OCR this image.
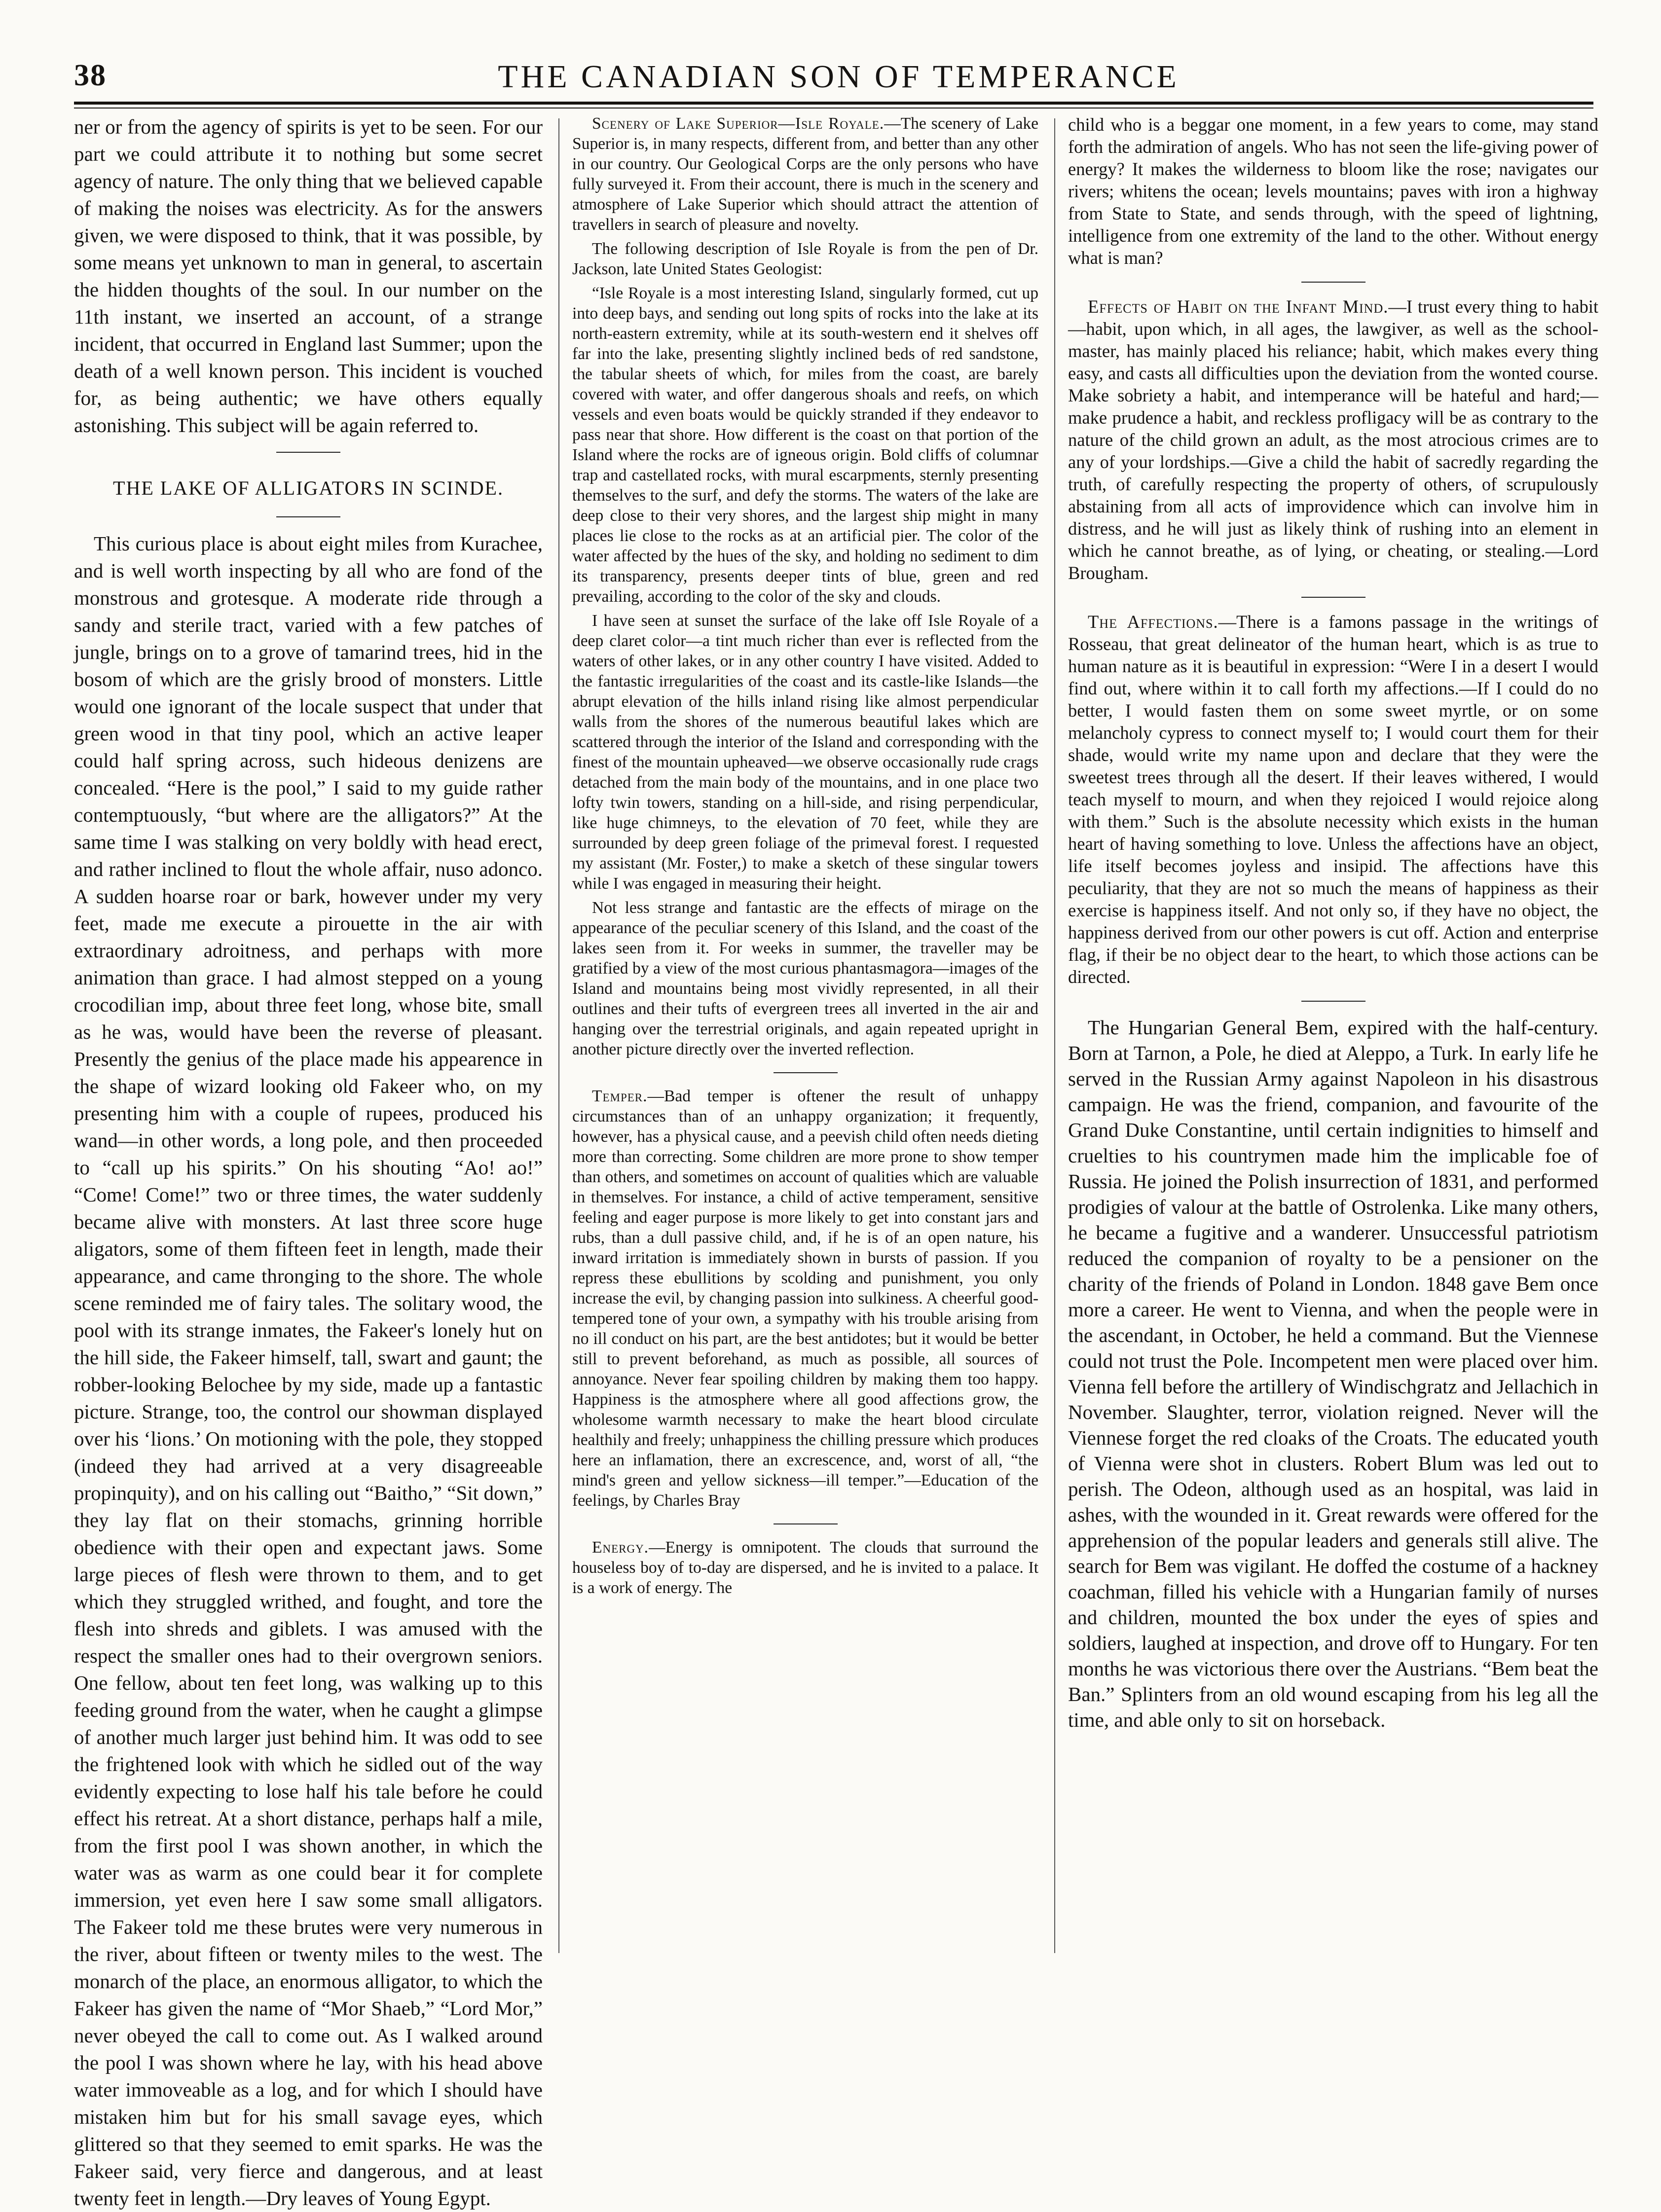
38	THE CANADIAN SON OF TEMPERANCE

ner or from the agency of spirits is yet to be seen. For our part we could attribute it to nothing but some secret agency of nature. The only thing that we believed capable of making the noises was electricity. As for the answers given, we were disposed to think, that it was possible, by some means yet unknown to man in general, to ascertain the hidden thoughts of the soul. In our number on the 11th instant, we inserted an account, of a strange incident, that occurred in England last Summer; upon the death of a well known person. This incident is vouched for, as being authentic; we have others equally astonishing. This subject will be again referred to.

THE LAKE OF ALLIGATORS IN SCINDE.

This curious place is about eight miles from Kurachee, and is well worth inspecting by all who are fond of the monstrous and grotesque. A moderate ride through a sandy and sterile tract, varied with a few patches of jungle, brings on to a grove of tamarind trees, hid in the bosom of which are the grisly brood of monsters. Little would one ignorant of the locale suspect that under that green wood in that tiny pool, which an active leaper could half spring across, such hideous denizens are concealed. “Here is the pool,” I said to my guide rather contemptuously, “but where are the alligators?” At the same time I was stalking on very boldly with head erect, and rather inclined to flout the whole affair, nuso adonco. A sudden hoarse roar or bark, however under my very feet, made me execute a pirouette in the air with extraordinary adroitness, and perhaps with more animation than grace. I had almost stepped on a young crocodilian imp, about three feet long, whose bite, small as he was, would have been the reverse of pleasant. Presently the genius of the place made his appearence in the shape of wizard looking old Fakeer who, on my presenting him with a couple of rupees, produced his wand—in other words, a long pole, and then proceeded to “call up his spirits.” On his shouting “Ao! ao!” “Come! Come!” two or three times, the water suddenly became alive with monsters. At last three score huge aligators, some of them fifteen feet in length, made their appearance, and came thronging to the shore. The whole scene reminded me of fairy tales. The solitary wood, the pool with its strange inmates, the Fakeer's lonely hut on the hill side, the Fakeer himself, tall, swart and gaunt; the robber-looking Belochee by my side, made up a fantastic picture. Strange, too, the control our showman displayed over his ‘lions.’ On motioning with the pole, they stopped (indeed they had arrived at a very disagreeable propinquity), and on his calling out “Baitho,” “Sit down,” they lay flat on their stomachs, grinning horrible obedience with their open and expectant jaws. Some large pieces of flesh were thrown to them, and to get which they struggled writhed, and fought, and tore the flesh into shreds and giblets. I was amused with the respect the smaller ones had to their overgrown seniors. One fellow, about ten feet long, was walking up to this feeding ground from the water, when he caught a glimpse of another much larger just behind him. It was odd to see the frightened look with which he sidled out of the way evidently expecting to lose half his tale before he could effect his retreat. At a short distance, perhaps half a mile, from the first pool I was shown another, in which the water was as warm as one could bear it for complete immersion, yet even here I saw some small alligators. The Fakeer told me these brutes were very numerous in the river, about fifteen or twenty miles to the west. The monarch of the place, an enormous alligator, to which the Fakeer has given the name of “Mor Shaeb,” “Lord Mor,” never obeyed the call to come out. As I walked around the pool I was shown where he lay, with his head above water immoveable as a log, and for which I should have mistaken him but for his small savage eyes, which glittered so that they seemed to emit sparks. He was the Fakeer said, very fierce and dangerous, and at least twenty feet in length.—Dry leaves of Young Egypt.

Scenery of Lake Superior—Isle Royale.—The scenery of Lake Superior is, in many respects, different from, and better than any other in our country. Our Geological Corps are the only persons who have fully surveyed it. From their account, there is much in the scenery and atmosphere of Lake Superior which should attract the attention of travellers in search of pleasure and novelty.

The following description of Isle Royale is from the pen of Dr. Jackson, late United States Geologist:

“Isle Royale is a most interesting Island, singularly formed, cut up into deep bays, and sending out long spits of rocks into the lake at its north-eastern extremity, while at its south-western end it shelves off far into the lake, presenting slightly inclined beds of red sandstone, the tabular sheets of which, for miles from the coast, are barely covered with water, and offer dangerous shoals and reefs, on which vessels and even boats would be quickly stranded if they endeavor to pass near that shore. How different is the coast on that portion of the Island where the rocks are of igneous origin. Bold cliffs of columnar trap and castellated rocks, with mural escarpments, sternly presenting themselves to the surf, and defy the storms. The waters of the lake are deep close to their very shores, and the largest ship might in many places lie close to the rocks as at an artificial pier. The color of the water affected by the hues of the sky, and holding no sediment to dim its transparency, presents deeper tints of blue, green and red prevailing, according to the color of the sky and clouds.

I have seen at sunset the surface of the lake off Isle Royale of a deep claret color—a tint much richer than ever is reflected from the waters of other lakes, or in any other country I have visited. Added to the fantastic irregularities of the coast and its castle-like Islands—the abrupt elevation of the hills inland rising like almost perpendicular walls from the shores of the numerous beautiful lakes which are scattered through the interior of the Island and corresponding with the finest of the mountain upheaved—we observe occasionally rude crags detached from the main body of the mountains, and in one place two lofty twin towers, standing on a hill-side, and rising perpendicular, like huge chimneys, to the elevation of 70 feet, while they are surrounded by deep green foliage of the primeval forest. I requested my assistant (Mr. Foster,) to make a sketch of these singular towers while I was engaged in measuring their height.

Not less strange and fantastic are the effects of mirage on the appearance of the peculiar scenery of this Island, and the coast of the lakes seen from it. For weeks in summer, the traveller may be gratified by a view of the most curious phantasmagora—images of the Island and mountains being most vividly represented, in all their outlines and their tufts of evergreen trees all inverted in the air and hanging over the terrestrial originals, and again repeated upright in another picture directly over the inverted reflection.

Temper.—Bad temper is oftener the result of unhappy circumstances than of an unhappy organization; it frequently, however, has a physical cause, and a peevish child often needs dieting more than correcting. Some children are more prone to show temper than others, and sometimes on account of qualities which are valuable in themselves. For instance, a child of active temperament, sensitive feeling and eager purpose is more likely to get into constant jars and rubs, than a dull passive child, and, if he is of an open nature, his inward irritation is immediately shown in bursts of passion. If you repress these ebullitions by scolding and punishment, you only increase the evil, by changing passion into sulkiness. A cheerful good-tempered tone of your own, a sympathy with his trouble arising from no ill conduct on his part, are the best antidotes; but it would be better still to prevent beforehand, as much as possible, all sources of annoyance. Never fear spoiling children by making them too happy. Happiness is the atmosphere where all good affections grow, the wholesome warmth necessary to make the heart blood circulate healthily and freely; unhappiness the chilling pressure which produces here an inflamation, there an excrescence, and, worst of all, “the mind's green and yellow sickness—ill temper.”—Education of the feelings, by Charles Bray

Energy.—Energy is omnipotent. The clouds that surround the houseless boy of to-day are dispersed, and he is invited to a palace. It is a work of energy. The

child who is a beggar one moment, in a few years to come, may stand forth the admiration of angels. Who has not seen the life-giving power of energy? It makes the wilderness to bloom like the rose; navigates our rivers; whitens the ocean; levels mountains; paves with iron a highway from State to State, and sends through, with the speed of lightning, intelligence from one extremity of the land to the other. Without energy what is man?

Effects of Habit on the Infant Mind.—I trust every thing to habit—habit, upon which, in all ages, the lawgiver, as well as the school-master, has mainly placed his reliance; habit, which makes every thing easy, and casts all difficulties upon the deviation from the wonted course. Make sobriety a habit, and intemperance will be hateful and hard;—make prudence a habit, and reckless profligacy will be as contrary to the nature of the child grown an adult, as the most atrocious crimes are to any of your lordships.—Give a child the habit of sacredly regarding the truth, of carefully respecting the property of others, of scrupulously abstaining from all acts of improvidence which can involve him in distress, and he will just as likely think of rushing into an element in which he cannot breathe, as of lying, or cheating, or stealing.—Lord Brougham.

The Affections.—There is a famons passage in the writings of Rosseau, that great delineator of the human heart, which is as true to human nature as it is beautiful in expression: “Were I in a desert I would find out, where within it to call forth my affections.—If I could do no better, I would fasten them on some sweet myrtle, or on some melancholy cypress to connect myself to; I would court them for their shade, would write my name upon and declare that they were the sweetest trees through all the desert. If their leaves withered, I would teach myself to mourn, and when they rejoiced I would rejoice along with them.” Such is the absolute necessity which exists in the human heart of having something to love. Unless the affections have an object, life itself becomes joyless and insipid. The affections have this peculiarity, that they are not so much the means of happiness as their exercise is happiness itself. And not only so, if they have no object, the happiness derived from our other powers is cut off. Action and enterprise flag, if their be no object dear to the heart, to which those actions can be directed.

The Hungarian General Bem, expired with the half-century. Born at Tarnon, a Pole, he died at Aleppo, a Turk. In early life he served in the Russian Army against Napoleon in his disastrous campaign. He was the friend, companion, and favourite of the Grand Duke Constantine, until certain indignities to himself and cruelties to his countrymen made him the implicable foe of Russia. He joined the Polish insurrection of 1831, and performed prodigies of valour at the battle of Ostrolenka. Like many others, he became a fugitive and a wanderer. Unsuccessful patriotism reduced the companion of royalty to be a pensioner on the charity of the friends of Poland in London. 1848 gave Bem once more a career. He went to Vienna, and when the people were in the ascendant, in October, he held a command. But the Viennese could not trust the Pole. Incompetent men were placed over him. Vienna fell before the artillery of Windischgratz and Jellachich in November. Slaughter, terror, violation reigned. Never will the Viennese forget the red cloaks of the Croats. The educated youth of Vienna were shot in clusters. Robert Blum was led out to perish. The Odeon, although used as an hospital, was laid in ashes, with the wounded in it. Great rewards were offered for the apprehension of the popular leaders and generals still alive. The search for Bem was vigilant. He doffed the costume of a hackney coachman, filled his vehicle with a Hungarian family of nurses and children, mounted the box under the eyes of spies and soldiers, laughed at inspection, and drove off to Hungary. For ten months he was victorious there over the Austrians. “Bem beat the Ban.” Splinters from an old wound escaping from his leg all the time, and able only to sit on horseback.
